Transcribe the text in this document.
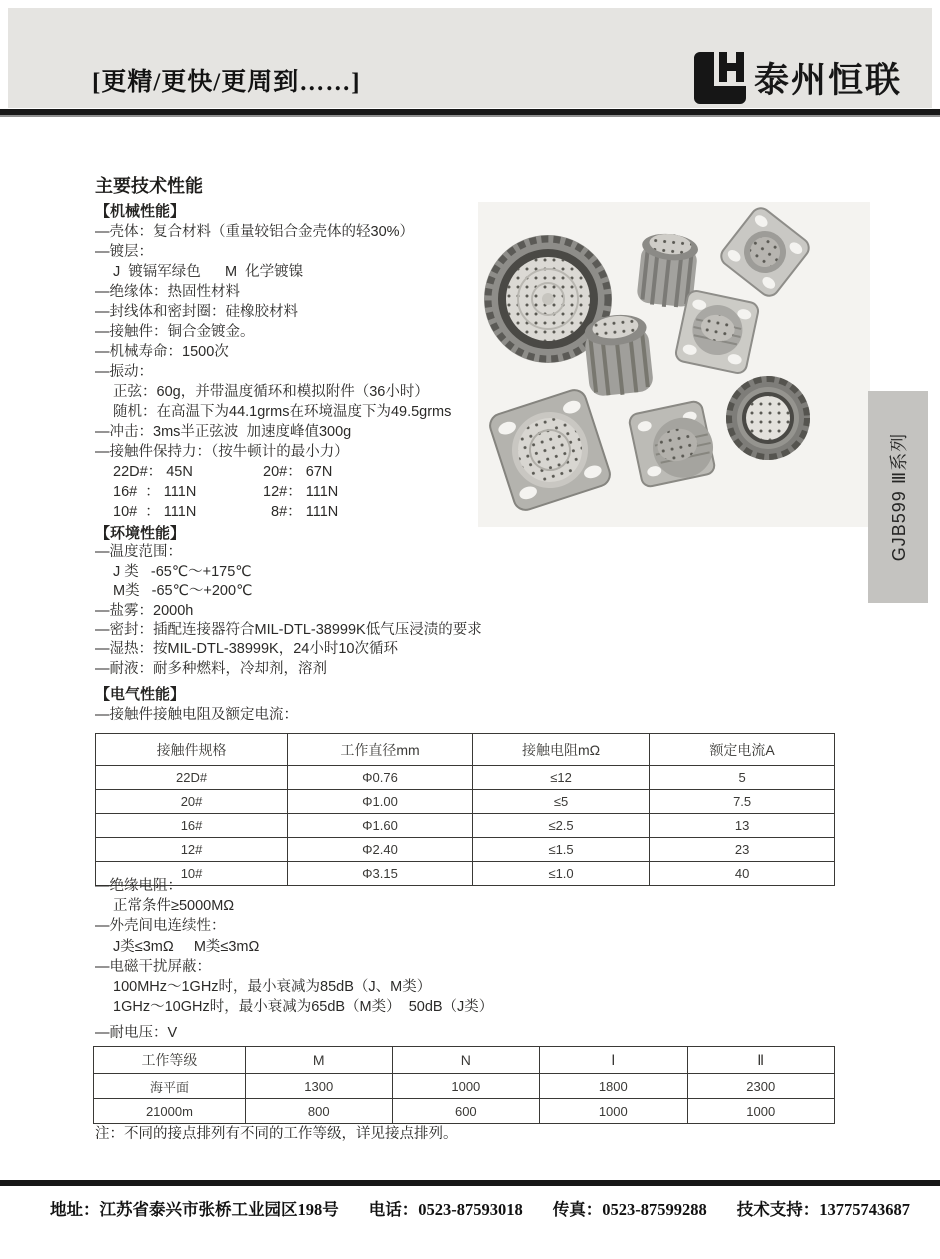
[更精/更快/更周到……]	泰州恒联
主要技术性能
【机械性能】
—壳体：复合材料（重量较铝合金壳体的轻30%）
—镀层：
J  镀镉军绿色      M  化学镀镍
—绝缘体：热固性材料
—封线体和密封圈：硅橡胶材料
—接触件：铜合金镀金。
—机械寿命：1500次
—振动：
正弦：60g，并带温度循环和模拟附件（36小时）
随机：在高温下为44.1grms在环境温度下为49.5grms
—冲击：3ms半正弦波  加速度峰值300g
—接触件保持力：（按牛顿计的最小力）
22D#： 45N	20#： 67N
16#  ： 111N	12#： 111N
10#  ： 111N	8#： 111N
【环境性能】
—温度范围：
J 类   -65℃～+175℃
M类   -65℃～+200℃
—盐雾：2000h
—密封：插配连接器符合MIL-DTL-38999K低气压浸渍的要求
—湿热：按MIL-DTL-38999K，24小时10次循环
—耐液：耐多种燃料，冷却剂，溶剂
【电气性能】
—接触件接触电阻及额定电流：
接触件规格	工作直径mm	接触电阻mΩ	额定电流A
22D#	Φ0.76	≤12	5
20#	Φ1.00	≤5	7.5
16#	Φ1.60	≤2.5	13
12#	Φ2.40	≤1.5	23
10#	Φ3.15	≤1.0	40
—绝缘电阻：
正常条件≥5000MΩ
—外壳间电连续性：
J类≤3mΩ     M类≤3mΩ
—电磁干扰屏蔽：
100MHz～1GHz时，最小衰减为85dB（J、M类）
1GHz～10GHz时，最小衰减为65dB（M类）  50dB（J类）
—耐电压：V
工作等级	M	N	Ⅰ	Ⅱ
海平面	1300	1000	1800	2300
21000m	800	600	1000	1000
注：不同的接点排列有不同的工作等级，详见接点排列。
GJB599 Ⅲ系列
地址：江苏省泰兴市张桥工业园区198号 电话：0523-87593018 传真：0523-87599288 技术支持：13775743687
